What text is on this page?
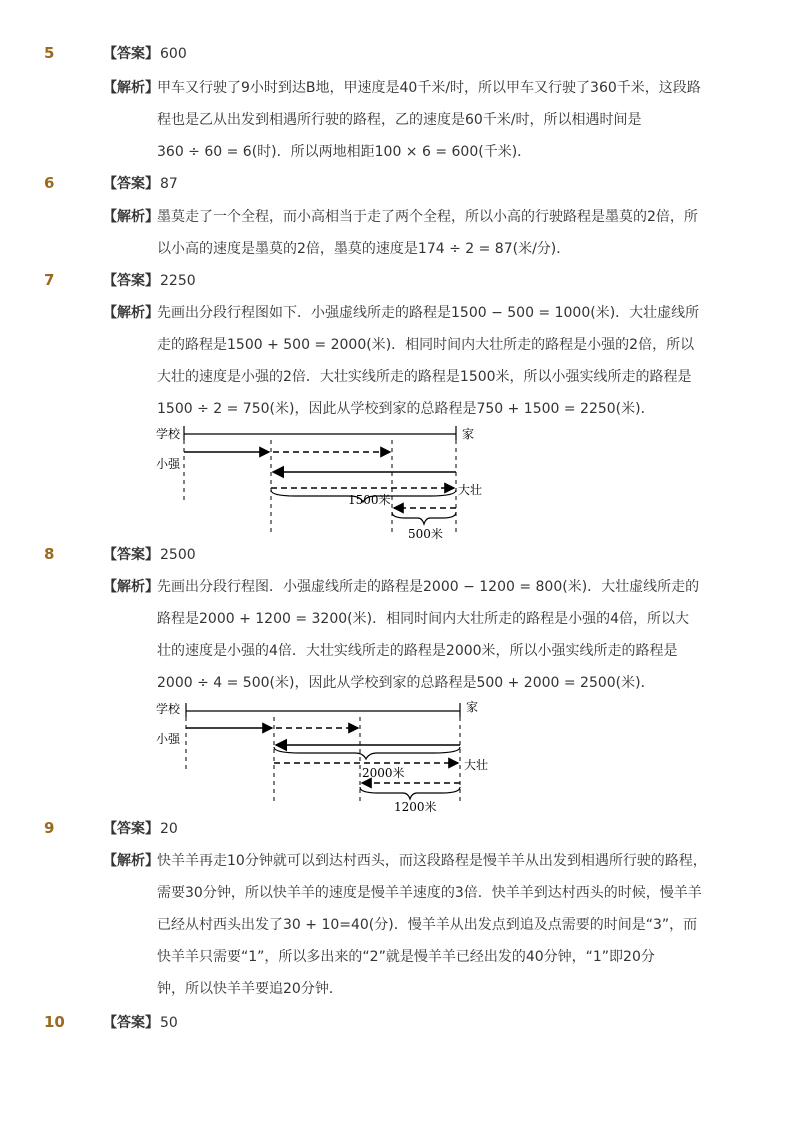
5	【答案】600
【解析】
甲车又行驶了9小时到达B地，甲速度是40千米/时，所以甲车又行驶了360千米，这段路
程也是乙从出发到相遇所行驶的路程，乙的速度是60千米/时，所以相遇时间是
360 ÷ 60 = 6(时)．所以两地相距100 × 6 = 600(千米)．
6	【答案】87
【解析】
墨莫走了一个全程，而小高相当于走了两个全程，所以小高的行驶路程是墨莫的2倍，所
以小高的速度是墨莫的2倍，墨莫的速度是174 ÷ 2 = 87(米/分)．
7	【答案】2250
【解析】
先画出分段行程图如下．小强虚线所走的路程是1500 − 500 = 1000(米)．大壮虚线所
走的路程是1500 + 500 = 2000(米)．相同时间内大壮所走的路程是小强的2倍，所以
大壮的速度是小强的2倍．大壮实线所走的路程是1500米，所以小强实线所走的路程是
1500 ÷ 2 = 750(米)，因此从学校到家的总路程是750 + 1500 = 2250(米)．
学校	家
小强
大壮
1500米
500米
8	【答案】2500
【解析】
先画出分段行程图．小强虚线所走的路程是2000 − 1200 = 800(米)．大壮虚线所走的
路程是2000 + 1200 = 3200(米)．相同时间内大壮所走的路程是小强的4倍，所以大
壮的速度是小强的4倍．大壮实线所走的路程是2000米，所以小强实线所走的路程是
2000 ÷ 4 = 500(米)，因此从学校到家的总路程是500 + 2000 = 2500(米)．
学校	家
小强
大壮
2000米
1200米
9	【答案】20
【解析】
快羊羊再走10分钟就可以到达村西头，而这段路程是慢羊羊从出发到相遇所行驶的路程，
需要30分钟，所以快羊羊的速度是慢羊羊速度的3倍．快羊羊到达村西头的时候，慢羊羊
已经从村西头出发了30 + 10=40(分)．慢羊羊从出发点到追及点需要的时间是“3”，而
快羊羊只需要“1”，所以多出来的“2”就是慢羊羊已经出发的40分钟，“1”即20分
钟，所以快羊羊要追20分钟．
10	【答案】50
